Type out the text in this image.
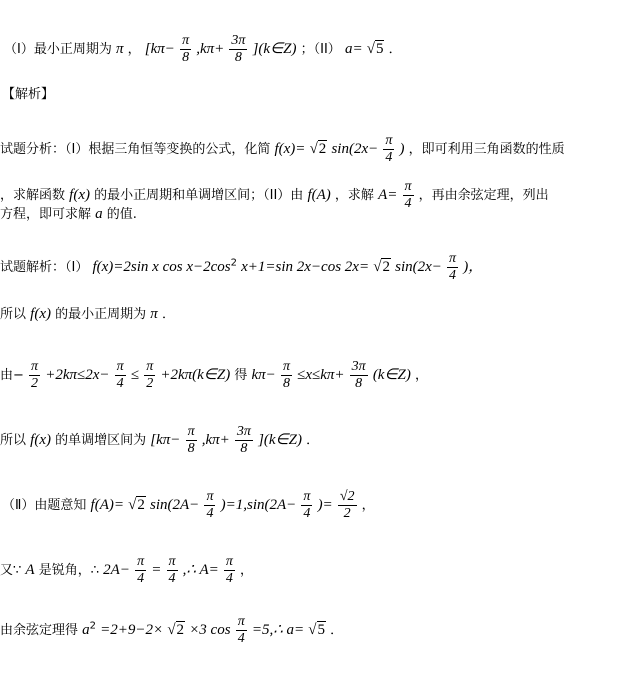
（I）最小正周期为 π ， [$k\pi- \frac{\pi}{8} ,k\pi+ \frac{3\pi}{8}$ ](k∈Z) ；（II） a= √5 ．
【解析】
试题分析：（I）根据三角恒等变换的公式，化简 f(x)= √2 $\sin(2x- \frac{\pi}{4}$ ) ，即可利用三角函数的性质
，求解函数 f(x) 的最小正周期和单调增区间；（II）由 f(A) ，求解 $A= \frac{\pi}{4}$ ，再由余弦定理，列出
方程，即可求解 a 的值.
试题解析：（Ⅰ） f(x)=2sin x $\cos x-2\cos^2$ x+1=sin 2x−cos 2x= √2 $\sin(2x- \frac{\pi}{4}$ )，
所以 f(x) 的最小正周期为 π ．
由− $\frac{\pi}{2} +2k\pi\le 2x- \frac{\pi}{4} \le \frac{\pi}{2}$ +2kπ(k∈Z) 得 $k\pi- \frac{\pi}{8} \le x\le k\pi+ \frac{3\pi}{8}$ (k∈Z) ，
所以 f(x) 的单调增区间为 [$k\pi- \frac{\pi}{8} ,k\pi+ \frac{3\pi}{8}$ ](k∈Z) ．
（Ⅱ）由题意知 f(A)= √2 $\sin(2A- \frac{\pi}{4} )=1,\sin(2A- \frac{\pi}{4}$ )= $\frac{√2}{2}$ ，
又∵ A 是锐角，∴ $2A- \frac{\pi}{4} = \frac{\pi}{4}$ ,∴ $A= \frac{\pi}{4}$ ，
由余弦定理得 $a^2 =2+9-2\times √2 \times 3$ $\cos \frac{\pi}{4}$ =5,∴ a= √5 ．
